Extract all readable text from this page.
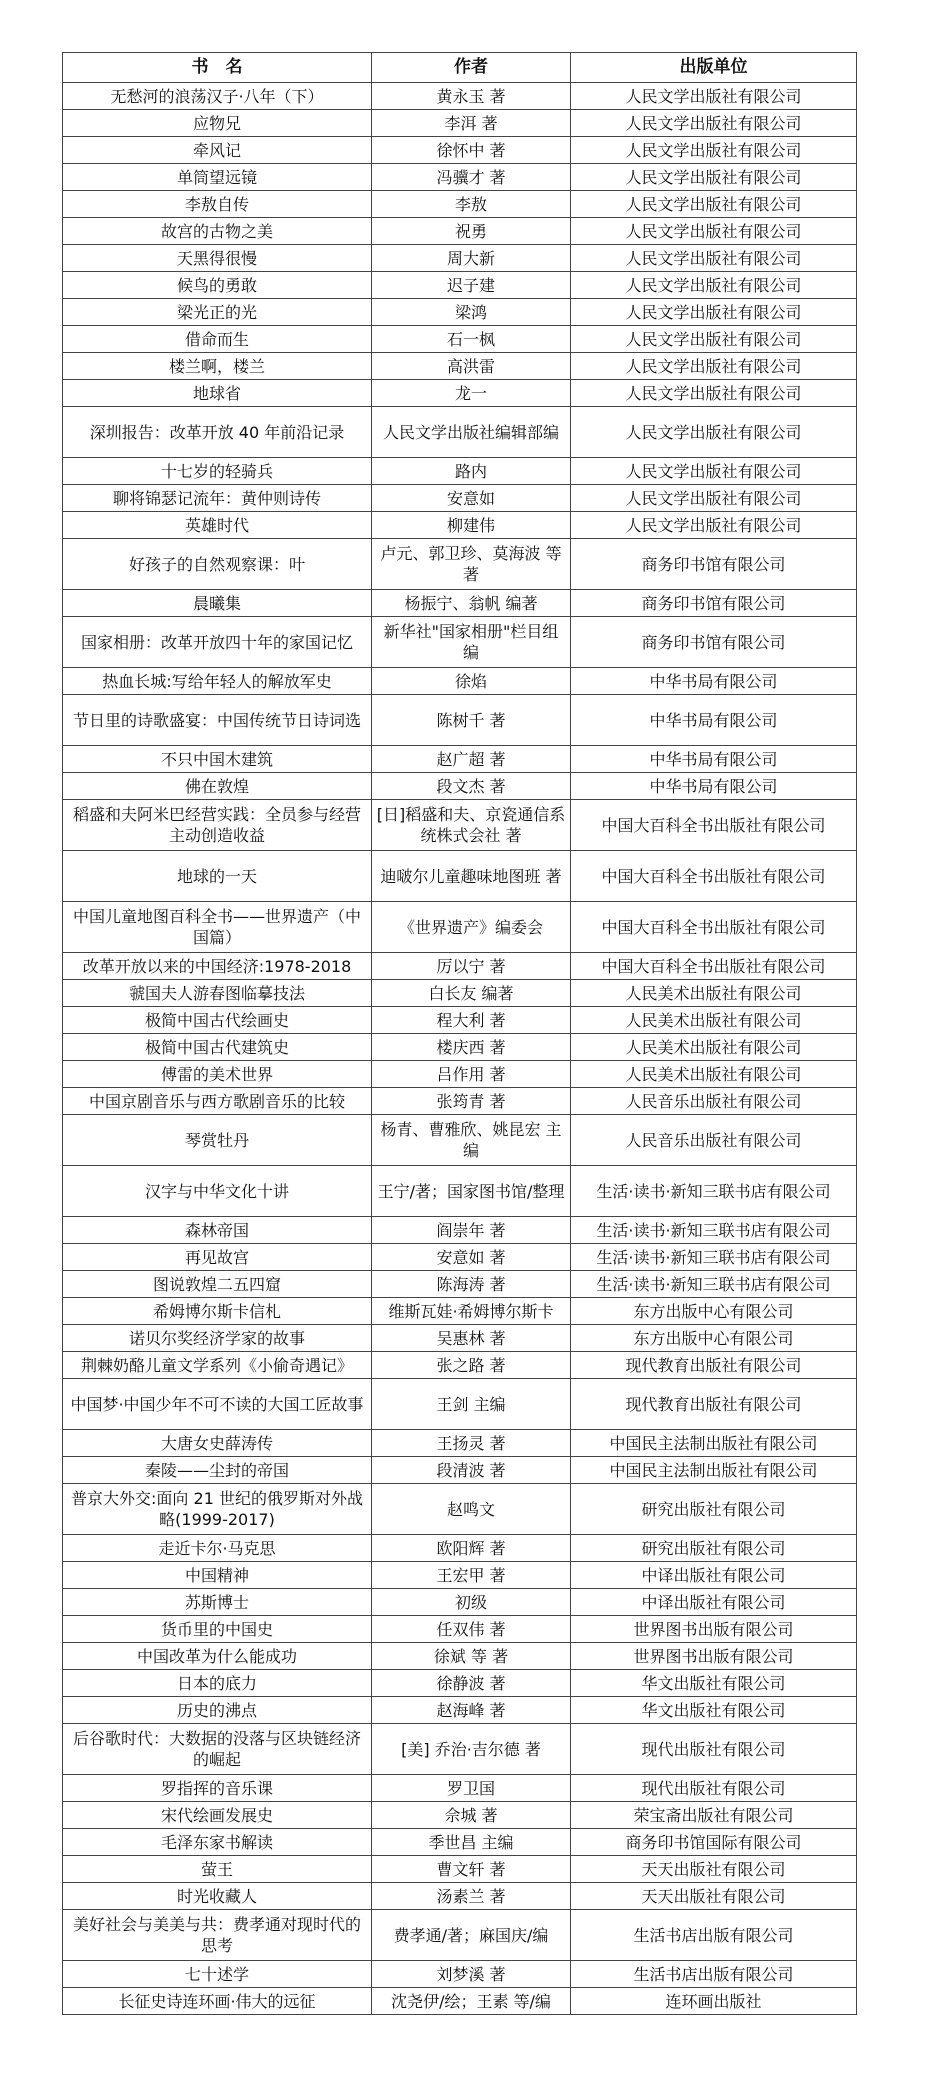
书　名	作者	出版单位
无愁河的浪荡汉子·八年（下）	黄永玉 著	人民文学出版社有限公司
应物兄	李洱 著	人民文学出版社有限公司
牵风记	徐怀中 著	人民文学出版社有限公司
单筒望远镜	冯骥才 著	人民文学出版社有限公司
李敖自传	李敖	人民文学出版社有限公司
故宫的古物之美	祝勇	人民文学出版社有限公司
天黑得很慢	周大新	人民文学出版社有限公司
候鸟的勇敢	迟子建	人民文学出版社有限公司
梁光正的光	梁鸿	人民文学出版社有限公司
借命而生	石一枫	人民文学出版社有限公司
楼兰啊，楼兰	高洪雷	人民文学出版社有限公司
地球省	龙一	人民文学出版社有限公司
深圳报告：改革开放 40 年前沿记录	人民文学出版社编辑部编	人民文学出版社有限公司
十七岁的轻骑兵	路内	人民文学出版社有限公司
聊将锦瑟记流年：黄仲则诗传	安意如	人民文学出版社有限公司
英雄时代	柳建伟	人民文学出版社有限公司
好孩子的自然观察课：叶	卢元、郭卫珍、莫海波 等著	商务印书馆有限公司
晨曦集	杨振宁、翁帆 编著	商务印书馆有限公司
国家相册：改革开放四十年的家国记忆	新华社"国家相册"栏目组编	商务印书馆有限公司
热血长城:写给年轻人的解放军史	徐焰	中华书局有限公司
节日里的诗歌盛宴：中国传统节日诗词选	陈树千 著	中华书局有限公司
不只中国木建筑	赵广超 著	中华书局有限公司
佛在敦煌	段文杰 著	中华书局有限公司
稻盛和夫阿米巴经营实践：全员参与经营 主动创造收益	[日]稻盛和夫、京瓷通信系统株式会社 著	中国大百科全书出版社有限公司
地球的一天	迪啵尔儿童趣味地图班 著	中国大百科全书出版社有限公司
中国儿童地图百科全书——世界遗产（中国篇）	《世界遗产》编委会	中国大百科全书出版社有限公司
改革开放以来的中国经济:1978-2018	厉以宁 著	中国大百科全书出版社有限公司
虢国夫人游春图临摹技法	白长友 编著	人民美术出版社有限公司
极简中国古代绘画史	程大利 著	人民美术出版社有限公司
极简中国古代建筑史	楼庆西 著	人民美术出版社有限公司
傅雷的美术世界	吕作用 著	人民美术出版社有限公司
中国京剧音乐与西方歌剧音乐的比较	张筠青 著	人民音乐出版社有限公司
琴赏牡丹	杨青、曹雅欣、姚昆宏 主编	人民音乐出版社有限公司
汉字与中华文化十讲	王宁/著；国家图书馆/整理	生活·读书·新知三联书店有限公司
森林帝国	阎崇年 著	生活·读书·新知三联书店有限公司
再见故宫	安意如 著	生活·读书·新知三联书店有限公司
图说敦煌二五四窟	陈海涛 著	生活·读书·新知三联书店有限公司
希姆博尔斯卡信札	维斯瓦娃·希姆博尔斯卡	东方出版中心有限公司
诺贝尔奖经济学家的故事	吴惠林 著	东方出版中心有限公司
荆棘奶酪儿童文学系列《小偷奇遇记》	张之路 著	现代教育出版社有限公司
中国梦·中国少年不可不读的大国工匠故事	王剑 主编	现代教育出版社有限公司
大唐女史薛涛传	王扬灵 著	中国民主法制出版社有限公司
秦陵——尘封的帝国	段清波 著	中国民主法制出版社有限公司
普京大外交:面向 21 世纪的俄罗斯对外战略(1999-2017)	赵鸣文	研究出版社有限公司
走近卡尔·马克思	欧阳辉 著	研究出版社有限公司
中国精神	王宏甲 著	中译出版社有限公司
苏斯博士	初级	中译出版社有限公司
货币里的中国史	任双伟 著	世界图书出版有限公司
中国改革为什么能成功	徐斌 等 著	世界图书出版有限公司
日本的底力	徐静波 著	华文出版社有限公司
历史的沸点	赵海峰 著	华文出版社有限公司
后谷歌时代：大数据的没落与区块链经济的崛起	[美] 乔治·吉尔德 著	现代出版社有限公司
罗指挥的音乐课	罗卫国	现代出版社有限公司
宋代绘画发展史	佘城 著	荣宝斋出版社有限公司
毛泽东家书解读	季世昌 主编	商务印书馆国际有限公司
萤王	曹文轩 著	天天出版社有限公司
时光收藏人	汤素兰 著	天天出版社有限公司
美好社会与美美与共：费孝通对现时代的思考	费孝通/著；麻国庆/编	生活书店出版有限公司
七十述学	刘梦溪 著	生活书店出版有限公司
长征史诗连环画·伟大的远征	沈尧伊/绘；王素 等/编	连环画出版社
